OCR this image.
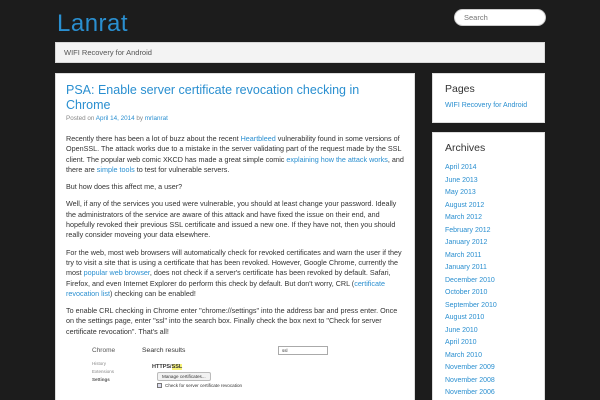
Lanrat
Search
WIFI Recovery for Android
PSA: Enable server certificate revocation checking in Chrome
Posted on April 14, 2014 by mrlanrat

Recently there has been a lot of buzz about the recent Heartbleed vulnerability found in some versions of OpenSSL. The attack works due to a mistake in the server validating part of the request made by the SSL client. The popular web comic XKCD has made a great simple comic explaining how the attack works, and there are simple tools to test for vulnerable servers.

But how does this affect me, a user?

Well, if any of the services you used were vulnerable, you should at least change your password. Ideally the administrators of the service are aware of this attack and have fixed the issue on their end, and hopefully revoked their previous SSL certificate and issued a new one. If they have not, then you should really consider moveing your data elsewhere.

For the web, most web browsers will automatically check for revoked certificates and warn the user if they try to visit a site that is using a certificate that has been revoked. However, Google Chrome, currently the most popular web browser, does not check if a server's certificate has been revoked by default. Safari, Firefox, and even Internet Explorer do perform this check by default. But don't worry, CRL (certificate revocation list) checking can be enabled!

To enable CRL checking in Chrome enter "chrome://settings" into the address bar and press enter. Once on the settings page, enter "ssl" into the search box. Finally check the box next to "Check for server certificate revocation". That's all!

Chrome
History
Extensions
Settings
Search results	ssl
HTTPS/SSL
Manage certificates...
Check for server certificate revocation
Pages
WIFI Recovery for Android
Archives
April 2014
June 2013
May 2013
August 2012
March 2012
February 2012
January 2012
March 2011
January 2011
December 2010
October 2010
September 2010
August 2010
June 2010
April 2010
March 2010
November 2009
November 2008
November 2006
